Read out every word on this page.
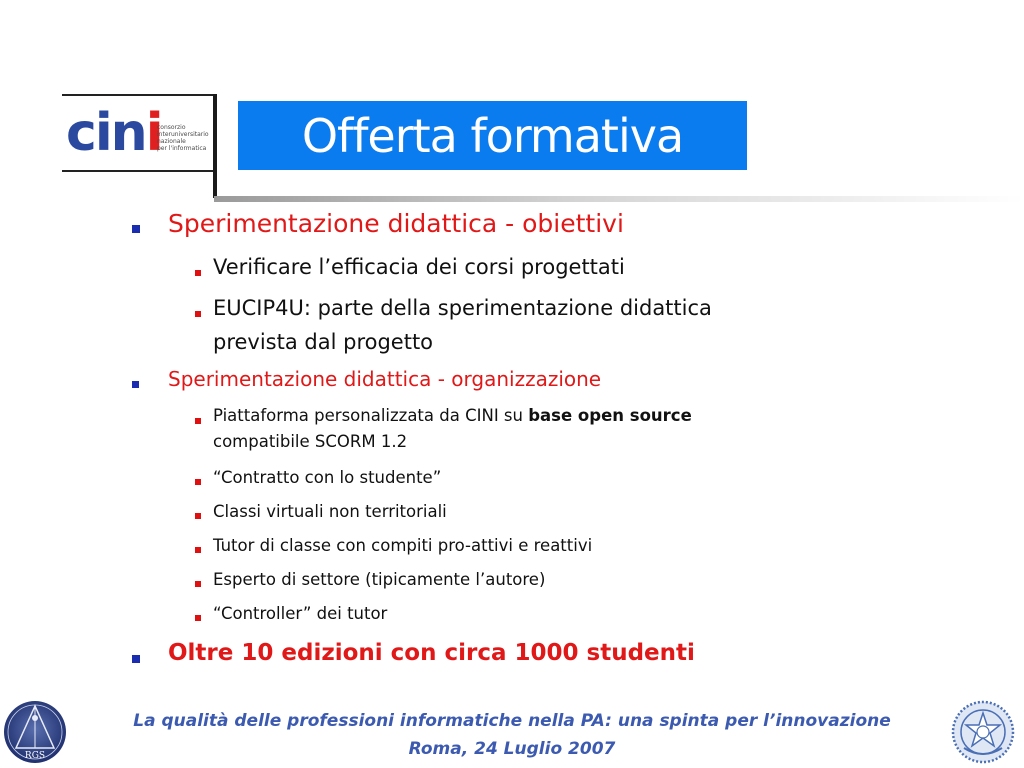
cini
consorzio
interuniversitario
nazionale
per l'informatica Offerta formativa
Sperimentazione didattica - obiettivi
Verificare l’efficacia dei corsi progettati
EUCIP4U: parte della sperimentazione didattica
prevista dal progetto
Sperimentazione didattica - organizzazione
Piattaforma personalizzata da CINI su base open source
compatibile SCORM 1.2
“Contratto con lo studente”
Classi virtuali non territoriali
Tutor di classe con compiti pro-attivi e reattivi
Esperto di settore (tipicamente l’autore)
“Controller” dei tutor
Oltre 10 edizioni con circa 1000 studenti
RGS
La qualità delle professioni informatiche nella PA: una spinta per l’innovazione
Roma, 24 Luglio 2007
